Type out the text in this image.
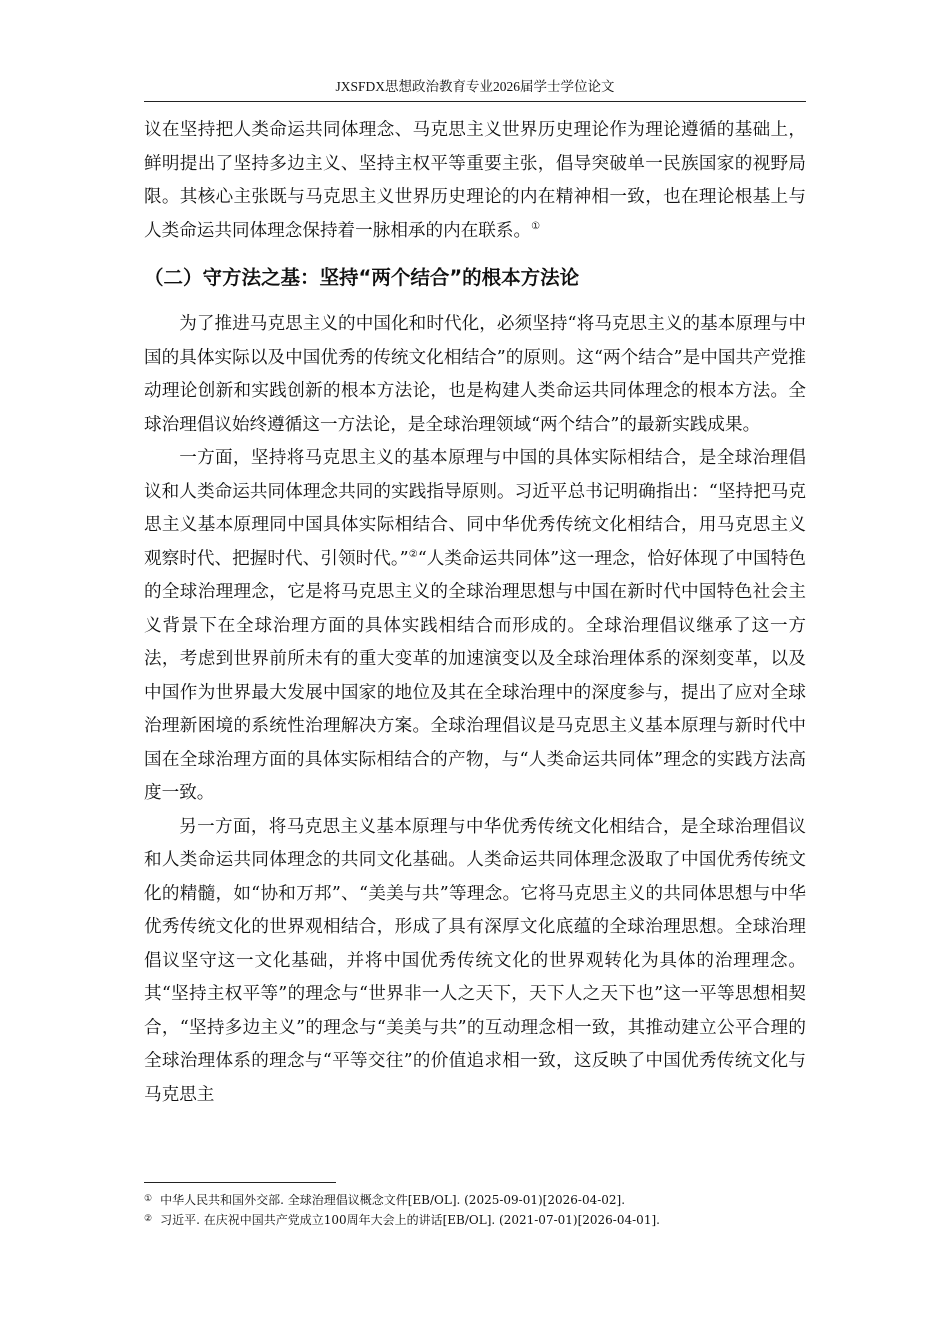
JXSFDX思想政治教育专业2026届学士学位论文

议在坚持把人类命运共同体理念、马克思主义世界历史理论作为理论遵循的基础上，鲜明提出了坚持多边主义、坚持主权平等重要主张，倡导突破单一民族国家的视野局限。其核心主张既与马克思主义世界历史理论的内在精神相一致，也在理论根基上与人类命运共同体理念保持着一脉相承的内在联系。①

（二）守方法之基：坚持“两个结合”的根本方法论

为了推进马克思主义的中国化和时代化，必须坚持“将马克思主义的基本原理与中国的具体实际以及中国优秀的传统文化相结合”的原则。这“两个结合”是中国共产党推动理论创新和实践创新的根本方法论，也是构建人类命运共同体理念的根本方法。全球治理倡议始终遵循这一方法论，是全球治理领域“两个结合”的最新实践成果。

一方面，坚持将马克思主义的基本原理与中国的具体实际相结合，是全球治理倡议和人类命运共同体理念共同的实践指导原则。习近平总书记明确指出：“坚持把马克思主义基本原理同中国具体实际相结合、同中华优秀传统文化相结合，用马克思主义观察时代、把握时代、引领时代。”②“人类命运共同体”这一理念，恰好体现了中国特色的全球治理理念，它是将马克思主义的全球治理思想与中国在新时代中国特色社会主义背景下在全球治理方面的具体实践相结合而形成的。全球治理倡议继承了这一方法，考虑到世界前所未有的重大变革的加速演变以及全球治理体系的深刻变革，以及中国作为世界最大发展中国家的地位及其在全球治理中的深度参与，提出了应对全球治理新困境的系统性治理解决方案。全球治理倡议是马克思主义基本原理与新时代中国在全球治理方面的具体实际相结合的产物，与“人类命运共同体”理念的实践方法高度一致。

另一方面，将马克思主义基本原理与中华优秀传统文化相结合，是全球治理倡议和人类命运共同体理念的共同文化基础。人类命运共同体理念汲取了中国优秀传统文化的精髓，如“协和万邦”、“美美与共”等理念。它将马克思主义的共同体思想与中华优秀传统文化的世界观相结合，形成了具有深厚文化底蕴的全球治理思想。全球治理倡议坚守这一文化基础，并将中国优秀传统文化的世界观转化为具体的治理理念。其“坚持主权平等”的理念与“世界非一人之天下，天下人之天下也”这一平等思想相契合，“坚持多边主义”的理念与“美美与共”的互动理念相一致，其推动建立公平合理的全球治理体系的理念与“平等交往”的价值追求相一致，这反映了中国优秀传统文化与马克思主

① 中华人民共和国外交部. 全球治理倡议概念文件[EB/OL]. (2025-09-01)[2026-04-02].
② 习近平. 在庆祝中国共产党成立100周年大会上的讲话[EB/OL]. (2021-07-01)[2026-04-01].
